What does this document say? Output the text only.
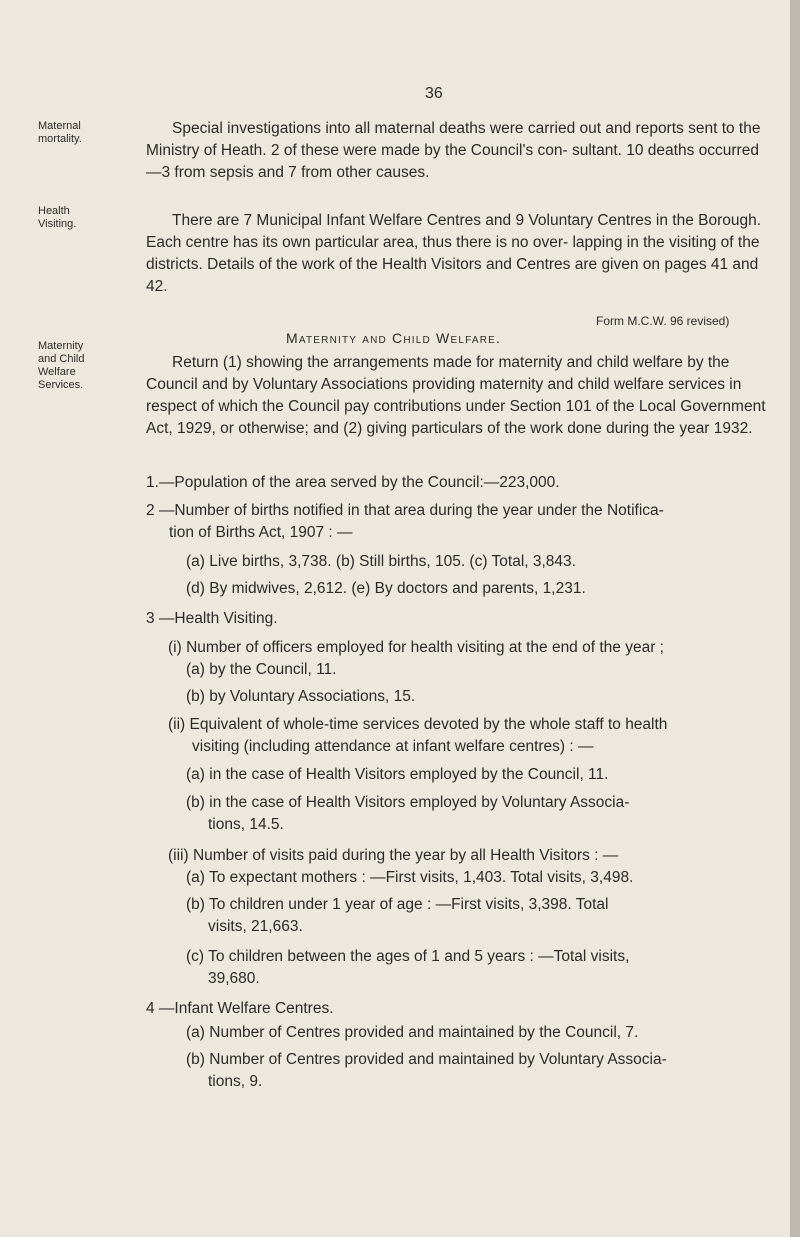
36
Maternal
mortality.
Health
Visiting.
Maternity
and Child
Welfare
Services.
Special investigations into all maternal deaths were carried out and reports sent to the Ministry of Heath. 2 of these were made by the Council's con- sultant. 10 deaths occurred—3 from sepsis and 7 from other causes.
There are 7 Municipal Infant Welfare Centres and 9 Voluntary Centres in the Borough. Each centre has its own particular area, thus there is no over- lapping in the visiting of the districts. Details of the work of the Health Visitors and Centres are given on pages 41 and 42.
Form M.C.W. 96 revised)
Maternity and Child Welfare.
Return (1) showing the arrangements made for maternity and child welfare by the Council and by Voluntary Associations providing maternity and child welfare services in respect of which the Council pay contributions under Section 101 of the Local Government Act, 1929, or otherwise; and (2) giving particulars of the work done during the year 1932.
1.—Population of the area served by the Council:—223,000.
2 —Number of births notified in that area during the year under the Notifica-
tion of Births Act, 1907 : —
(a) Live births, 3,738. (b) Still births, 105. (c) Total, 3,843.
(d) By midwives, 2,612. (e) By doctors and parents, 1,231.
3 —Health Visiting.
(i) Number of officers employed for health visiting at the end of the year ;
(a) by the Council, 11.
(b) by Voluntary Associations, 15.
(ii) Equivalent of whole-time services devoted by the whole staff to health
visiting (including attendance at infant welfare centres) : —
(a) in the case of Health Visitors employed by the Council, 11.
(b) in the case of Health Visitors employed by Voluntary Associa-
tions, 14.5.
(iii) Number of visits paid during the year by all Health Visitors : —
(a) To expectant mothers : —First visits, 1,403. Total visits, 3,498.
(b) To children under 1 year of age : —First visits, 3,398. Total
visits, 21,663.
(c) To children between the ages of 1 and 5 years : —Total visits,
39,680.
4 —Infant Welfare Centres.
(a) Number of Centres provided and maintained by the Council, 7.
(b) Number of Centres provided and maintained by Voluntary Associa-
tions, 9.
